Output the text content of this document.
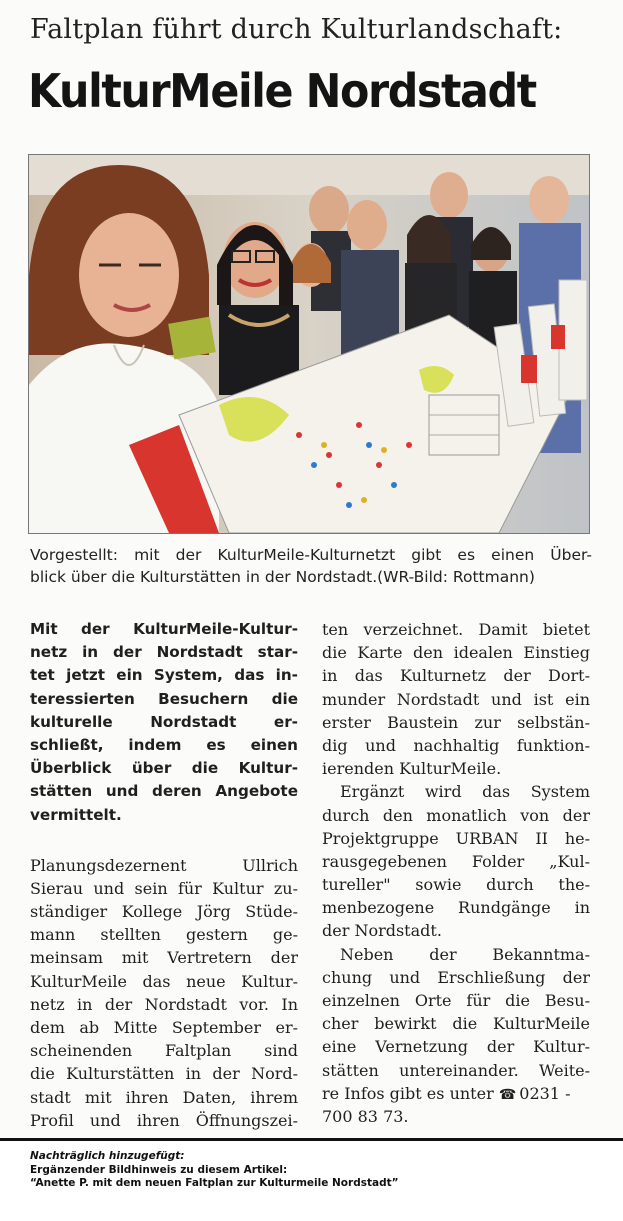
Faltplan führt durch Kulturlandschaft:
KulturMeile Nordstadt
Vorgestellt: mit der KulturMeile-Kulturnetzt gibt es einen Über-
blick über die Kulturstätten in der Nordstadt.(WR-Bild: Rottmann)
Mit der KulturMeile-Kultur-
netz in der Nordstadt star-
tet jetzt ein System, das in-
teressierten Besuchern die
kulturelle Nordstadt er-
schließt, indem es einen
Überblick über die Kultur-
stätten und deren Angebote
vermittelt.
Planungsdezernent Ullrich
Sierau und sein für Kultur zu-
ständiger Kollege Jörg Stüde-
mann stellten gestern ge-
meinsam mit Vertretern der
KulturMeile das neue Kultur-
netz in der Nordstadt vor. In
dem ab Mitte September er-
scheinenden Faltplan sind
die Kulturstätten in der Nord-
stadt mit ihren Daten, ihrem
Profil und ihren Öffnungszei-
ten verzeichnet. Damit bietet
die Karte den idealen Einstieg
in das Kulturnetz der Dort-
munder Nordstadt und ist ein
erster Baustein zur selbstän-
dig und nachhaltig funktion-
ierenden KulturMeile.
Ergänzt wird das System
durch den monatlich von der
Projektgruppe URBAN II he-
rausgegebenen Folder „Kul-
tureller" sowie durch the-
menbezogene Rundgänge in
der Nordstadt.
Neben der Bekanntma-
chung und Erschließung der
einzelnen Orte für die Besu-
cher bewirkt die KulturMeile
eine Vernetzung der Kultur-
stätten untereinander. Weite-
re Infos gibt es unter ☎ 0231 -
700 83 73.
Nachträglich hinzugefügt:
Ergänzender Bildhinweis zu diesem Artikel:
“Anette P. mit dem neuen Faltplan zur Kulturmeile Nordstadt”
